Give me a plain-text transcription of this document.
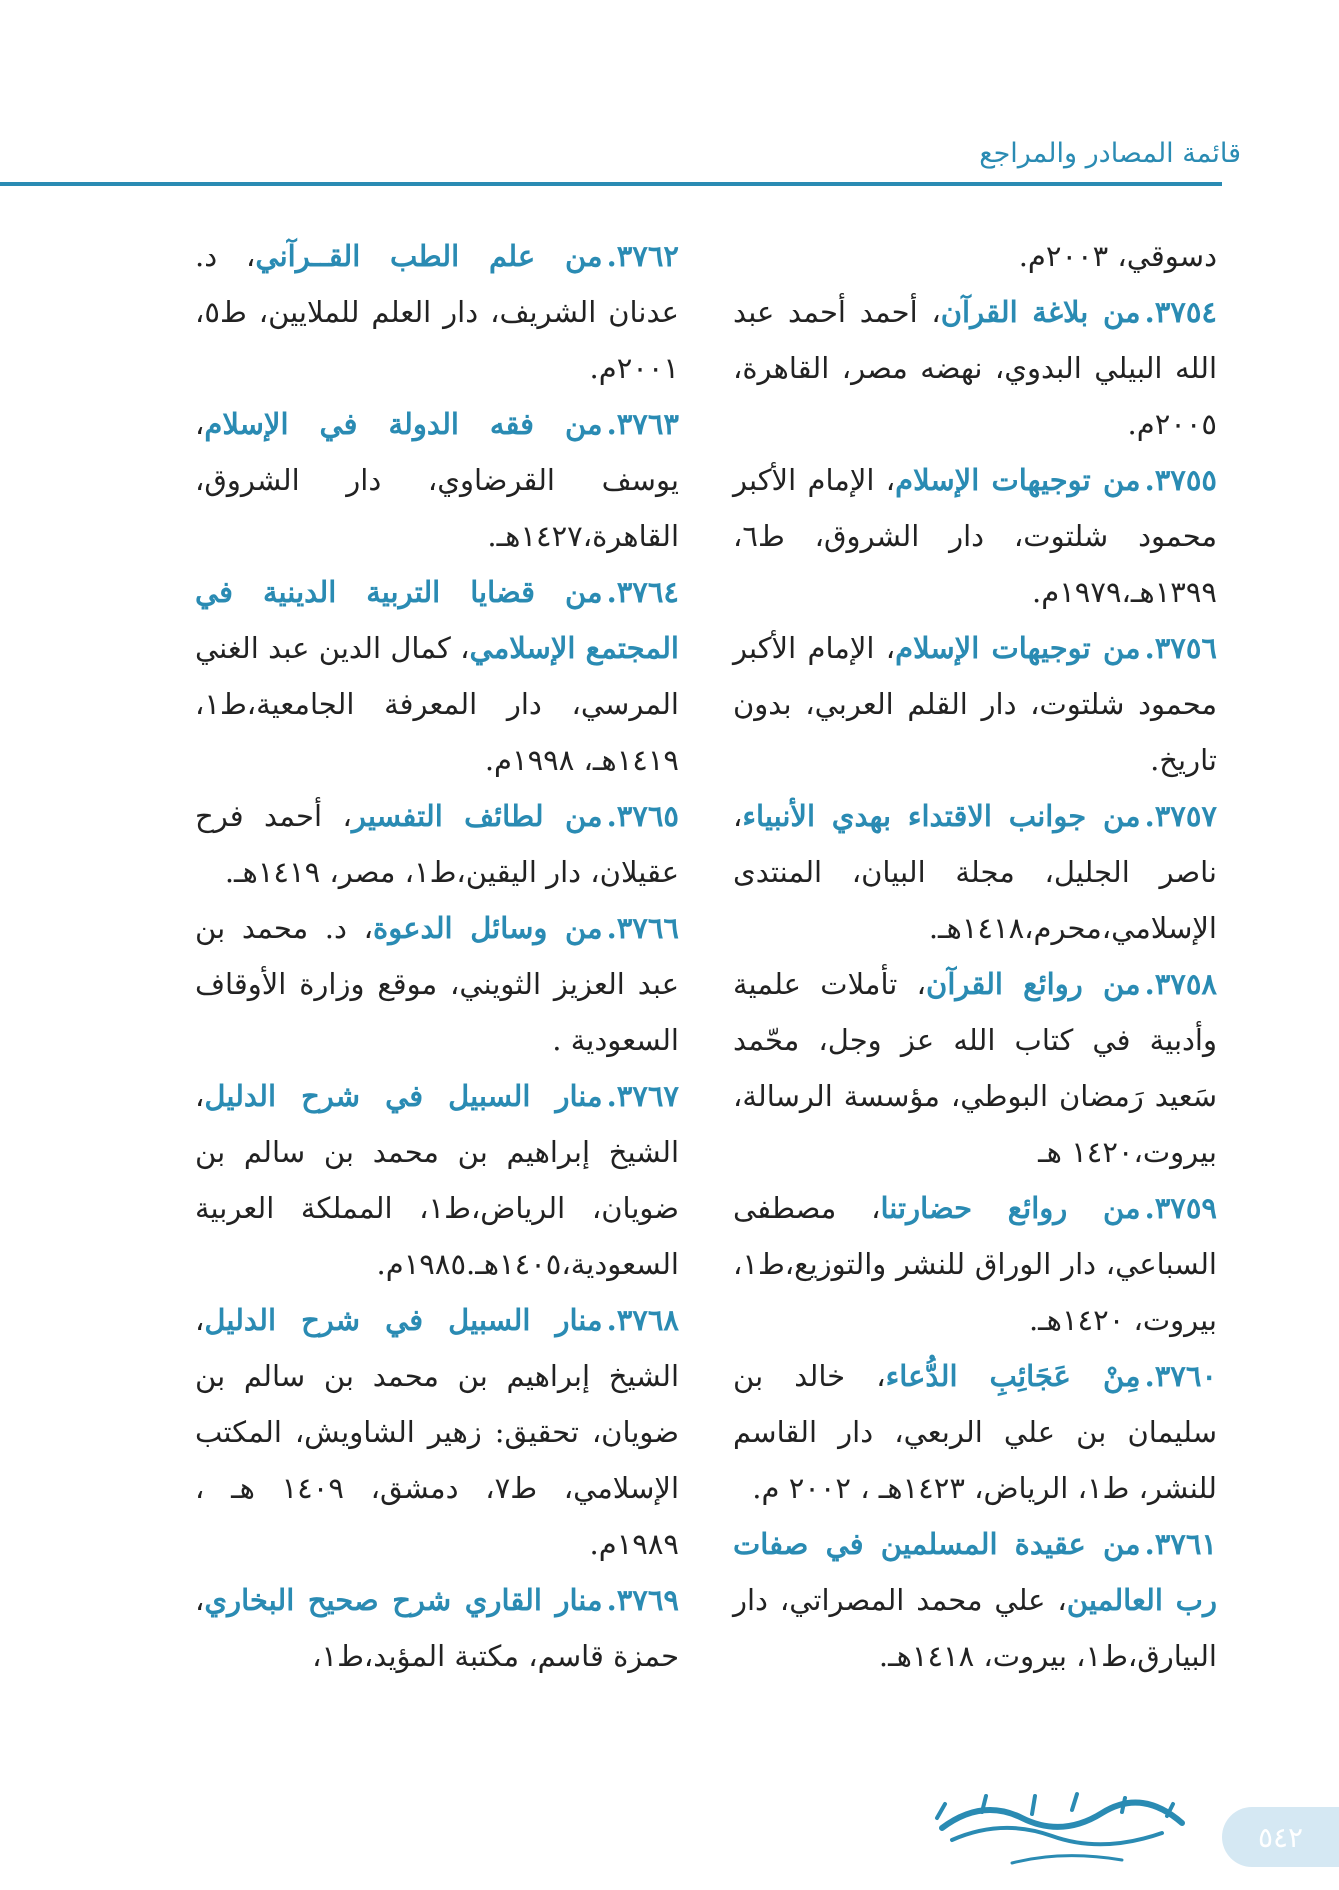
قائمة المصادر والمراجع

دسوقي، ٢٠٠٣م.

٣٧٥٤.من بلاغة القرآن، أحمد أحمد عبد الله البيلي البدوي، نهضه مصر، القاهرة، ٢٠٠٥م.

٣٧٥٥.من توجيهات الإسلام، الإمام الأكبر محمود شلتوت، دار الشروق، ط٦، ١٣٩٩هـ،١٩٧٩م.

٣٧٥٦.من توجيهات الإسلام، الإمام الأكبر محمود شلتوت، دار القلم العربي، بدون تاريخ.

٣٧٥٧.من جوانب الاقتداء بهدي الأنبياء، ناصر الجليل، مجلة البيان، المنتدى الإسلامي،محرم،١٤١٨هـ.

٣٧٥٨.من روائع القرآن، تأملات علمية وأدبية في كتاب الله عز وجل، محّمد سَعيد رَمضان البوطي، مؤسسة الرسالة، بيروت،١٤٢٠ هـ

٣٧٥٩.من روائع حضارتنا، مصطفى السباعي، دار الوراق للنشر والتوزيع،ط١، بيروت، ١٤٢٠هـ.

٣٧٦٠.مِنْ عَجَائِبِ الدُّعاء، خالد بن سليمان بن علي الربعي، دار القاسم للنشر، ط١، الرياض، ١٤٢٣هـ ، ٢٠٠٢ م.

٣٧٦١.من عقيدة المسلمين في صفات رب العالمين، علي محمد المصراتي، دار البيارق،ط١، بيروت، ١٤١٨هـ.

٣٧٦٢.من علم الطب القــرآني، د. عدنان الشريف، دار العلم للملايين، ط٥، ٢٠٠١م.

٣٧٦٣.من فقه الدولة في الإسلام، يوسف القرضاوي، دار الشروق، القاهرة،١٤٢٧هـ.

٣٧٦٤.من قضايا التربية الدينية في المجتمع الإسلامي، كمال الدين عبد الغني المرسي، دار المعرفة الجامعية،ط١، ١٤١٩هـ، ١٩٩٨م.

٣٧٦٥.من لطائف التفسير، أحمد فرح عقيلان، دار اليقين،ط١، مصر، ١٤١٩هـ.

٣٧٦٦.من وسائل الدعوة، د. محمد بن عبد العزيز الثويني، موقع وزارة الأوقاف السعودية .

٣٧٦٧.منار السبيل في شرح الدليل، الشيخ إبراهيم بن محمد بن سالم بن ضويان، الرياض،ط١، المملكة العربية السعودية،١٤٠٥هـ.١٩٨٥م.

٣٧٦٨.منار السبيل في شرح الدليل، الشيخ إبراهيم بن محمد بن سالم بن ضويان، تحقيق: زهير الشاويش، المكتب الإسلامي، ط٧، دمشق، ١٤٠٩ هـ ، ١٩٨٩م.

٣٧٦٩.منار القاري شرح صحيح البخاري، حمزة قاسم، مكتبة المؤيد،ط١،

٥٤٢
